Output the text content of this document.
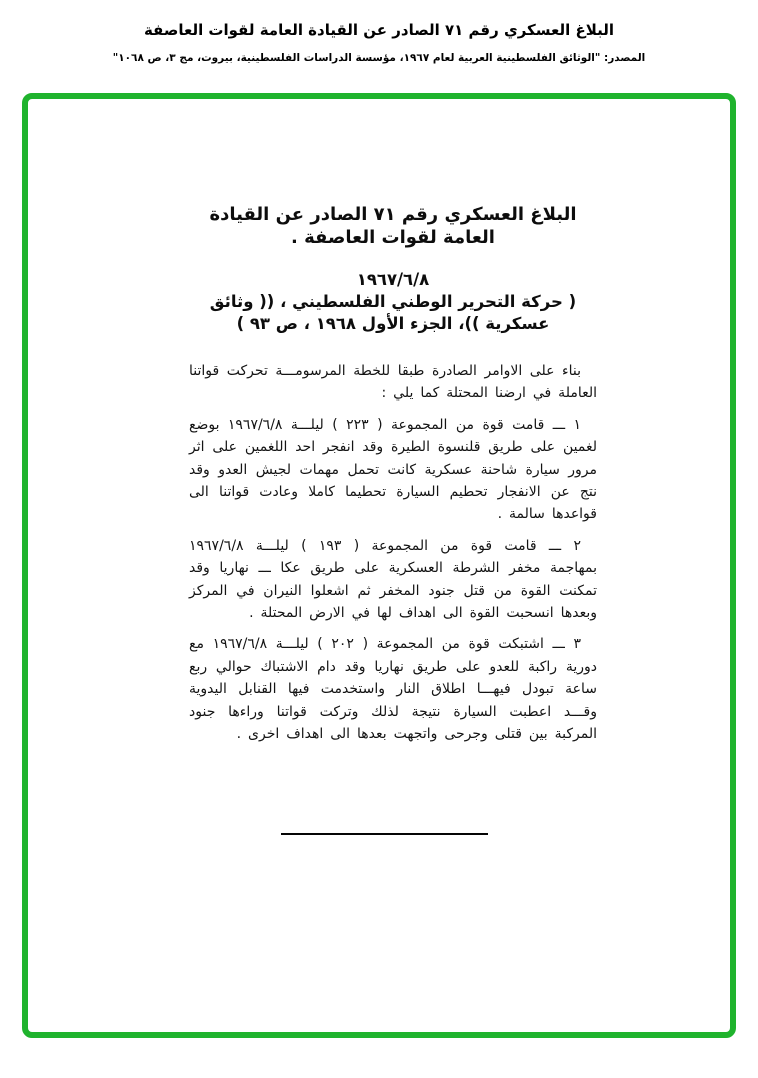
البلاغ العسكري رقم ٧١ الصادر عن القيادة العامة لقوات العاصفة
المصدر: "الوثائق الفلسطينية العربية لعام ١٩٦٧، مؤسسة الدراسات الفلسطينية، بيروت، مج ٣، ص ١٠٦٨"
البلاغ العسكري رقم ٧١ الصادر عن القيادة
العامة لقوات العاصفة .
١٩٦٧/٦/٨
( حركة التحرير الوطني الفلسطيني ، (( وثائق
عسكرية ))، الجزء الأول ١٩٦٨ ، ص ٩٣ )

بناء على الاوامر الصادرة طبقا للخطة المرسومـــة تحركت قواتنا العاملة في ارضنا المحتلة كما يلي :

١ ـــ قامت قوة من المجموعة ( ٢٢٣ ) ليلـــة ١٩٦٧/٦/٨ بوضع لغمين على طريق قلنسوة الطيرة وقد انفجر احد اللغمين على اثر مرور سيارة شاحنة عسكرية كانت تحمل مهمات لجيش العدو وقد نتج عن الانفجار تحطيم السيارة تحطيما كاملا وعادت قواتنا الى قواعدها سالمة .

٢ ـــ قامت قوة من المجموعة ( ١٩٣ ) ليلـــة ١٩٦٧/٦/٨ بمهاجمة مخفر الشرطة العسكرية على طريق عكا ـــ نهاريا وقد تمكنت القوة من قتل جنود المخفر ثم اشعلوا النيران في المركز وبعدها انسحبت القوة الى اهداف لها في الارض المحتلة .

٣ ـــ اشتبكت قوة من المجموعة ( ٢٠٢ ) ليلـــة ١٩٦٧/٦/٨ مع دورية راكبة للعدو على طريق نهاريا وقد دام الاشتباك حوالي ربع ساعة تبودل فيهـــا اطلاق النار واستخدمت فيها القنابل اليدوية وقـــد اعطبت السيارة نتيجة لذلك وتركت قواتنا وراءها جنود المركبة بين قتلى وجرحى واتجهت بعدها الى اهداف اخرى .
